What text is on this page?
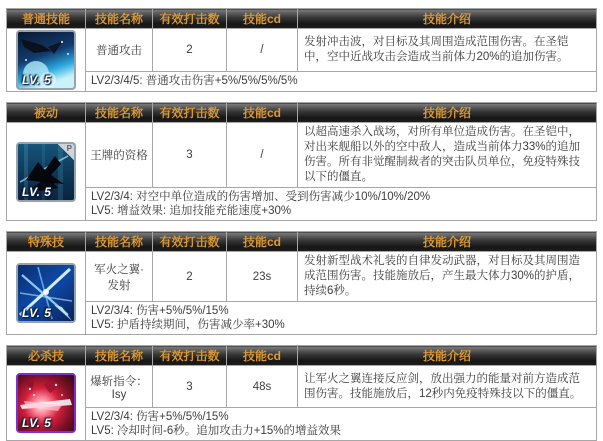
普通技能	技能名称	有效打击数	技能cd	技能介绍

LV. 5	普通攻击	2	/	发射冲击波，对目标及其周围造成范围伤害。在圣铠中，空中近战攻击会造成当前体力20%的追加伤害。

	LV2/3/4/5: 普通攻击伤害+5%/5%/5%/5%			
被动	技能名称	有效打击数	技能cd	技能介绍

P
LV. 5	王牌的资格	3	/	以超高速杀入战场，对所有单位造成伤害。在圣铠中，对出来舰船以外的空中敌人，造成当前体力33%的追加伤害。所有非觉醒制裁者的突击队员单位，免疫特殊技以下的僵直。

	LV2/3/4: 对空中单位造成的伤害增加、受到伤害减少10%/10%/20%
LV5: 增益效果: 追加技能充能速度+30%			
特殊技	技能名称	有效打击数	技能cd	技能介绍

LV. 5	军火之翼·发射	2	23s	发射新型战术礼装的自律发动武器，对目标及其周围造成范围伤害。技能施放后，产生最大体力30%的护盾，持续6秒。

	LV2/3/4: 伤害+5%/5%/15%
LV5: 护盾持续期间，伤害减少率+30%			
必杀技	技能名称	有效打击数	技能cd	技能介绍

LV. 5	爆斩指令：Isy	3	48s	让军火之翼连接反应剑，放出强力的能量对前方造成范围伤害。技能施放后，12秒内免疫特殊技以下的僵直。

	LV2/3/4: 伤害+5%/5%/15%
LV5: 冷却时间-6秒。追加攻击力+15%的增益效果			
